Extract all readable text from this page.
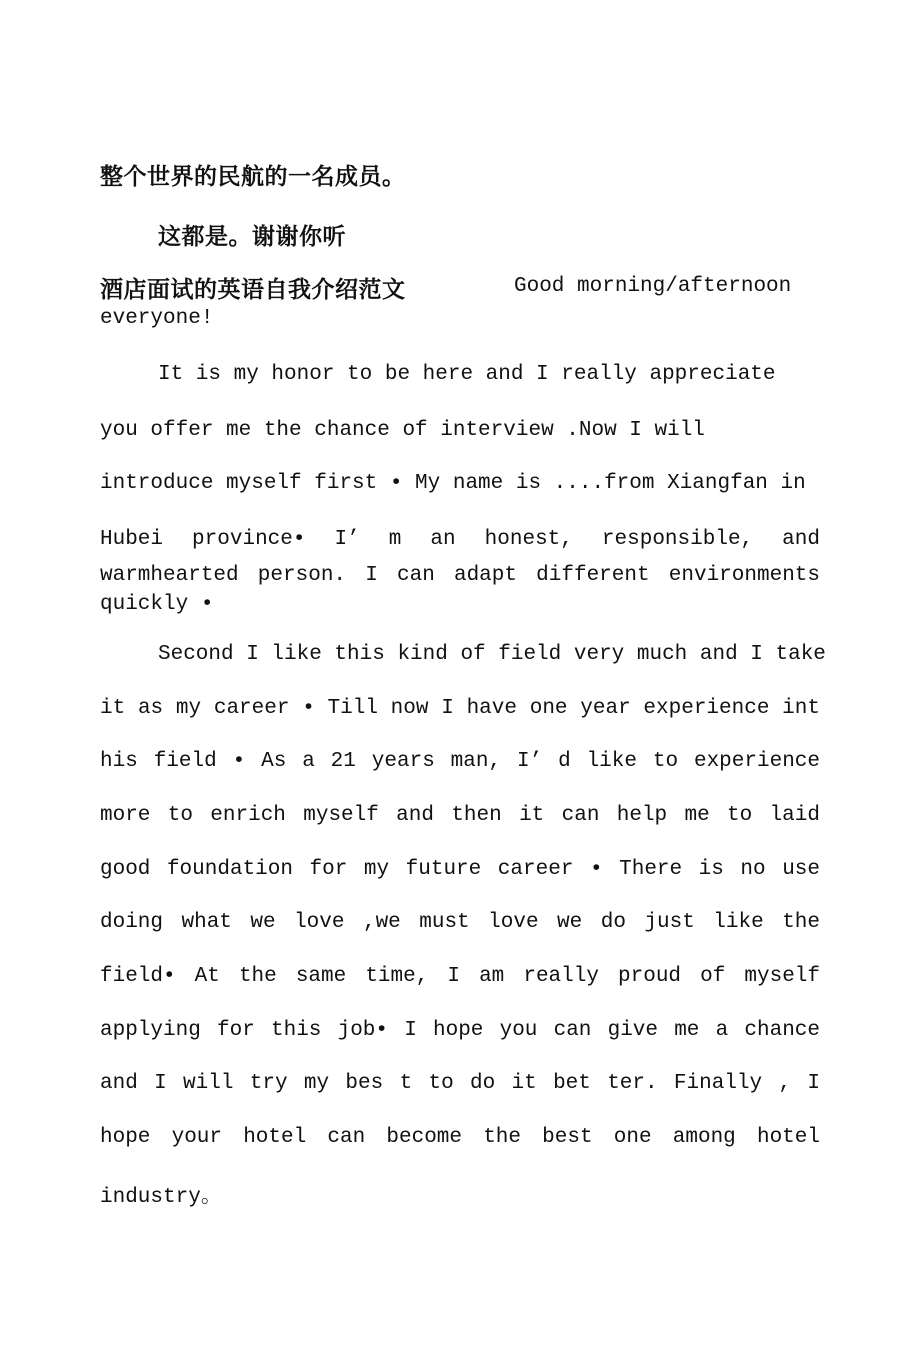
整个世界的民航的一名成员。
这都是。谢谢你听
酒店面试的英语自我介绍范文	Good morning/afternoon
everyone!
It is my honor to be here and I really appreciate
you offer me the chance of interview .Now I will
introduce myself first • My name is ....from Xiangfan in
Hubei province• I’ m an honest, responsible, and
warmhearted person. I can adapt different environments
quickly •
Second I like this kind of field very much and I take
it as my career • Till now I have one year experience int
his field • As a 21 years man, I’ d like to experience
more to enrich myself and then it can help me to laid
good foundation for my future career • There is no use
doing what we love ,we must love we do just like the
field• At the same time, I am really proud of myself
applying for this job• I hope you can give me a chance
and I will try my bes t to do it bet ter. Finally , I
hope your hotel can become the best one among hotel
industry。
